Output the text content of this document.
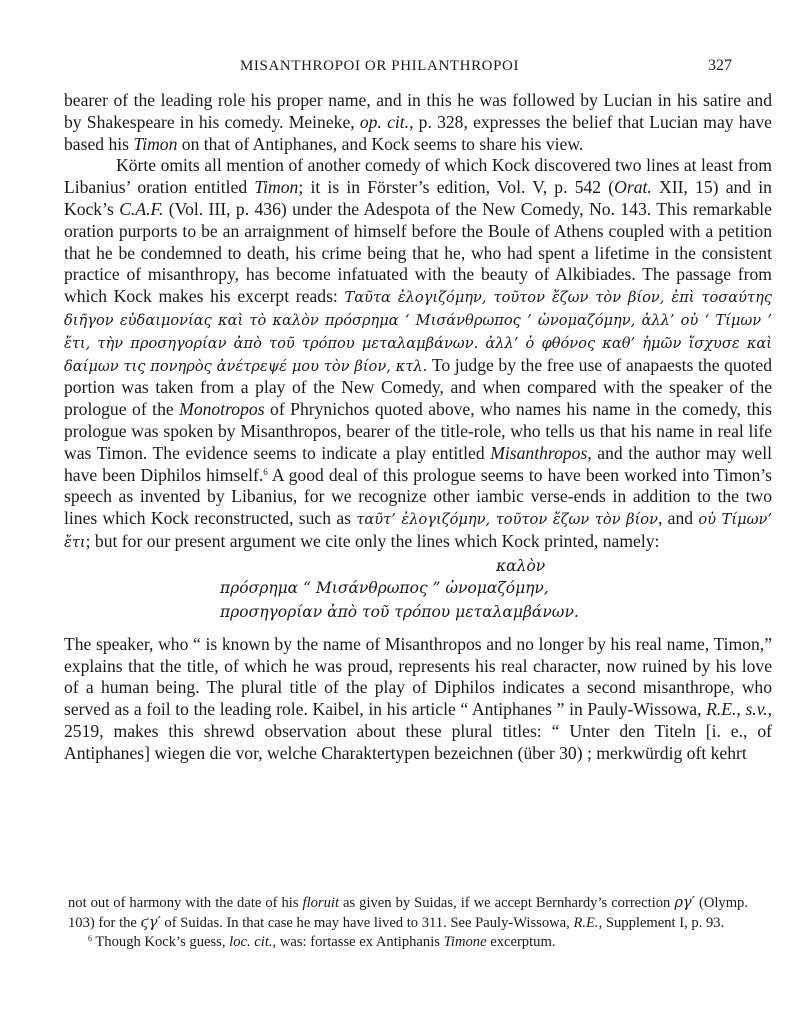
MISANTHROPOI OR PHILANTHROPOI	327

bearer of the leading role his proper name, and in this he was followed by Lucian in his satire and by Shakespeare in his comedy. Meineke, op. cit., p. 328, expresses the belief that Lucian may have based his Timon on that of Antiphanes, and Kock seems to share his view.

Körte omits all mention of another comedy of which Kock discovered two lines at least from Libanius’ oration entitled Timon; it is in Förster’s edition, Vol. V, p. 542 (Orat. XII, 15) and in Kock’s C.A.F. (Vol. III, p. 436) under the Adespota of the New Comedy, No. 143. This remarkable oration purports to be an arraignment of himself before the Boule of Athens coupled with a petition that he be condemned to death, his crime being that he, who had spent a lifetime in the consistent practice of misanthropy, has become infatuated with the beauty of Alkibiades. The passage from which Kock makes his excerpt reads: Ταῦτα ἐλογιζόμην, τοῦτον ἔζων τὸν βίον, ἐπὶ τοσαύτης διῆγον εὐδαιμονίας καὶ τὸ καλὸν πρόσρημα ‘ Μισάνθρωπος ’ ὠνομαζόμην, ἀλλ’ οὐ ‘ Τίμων ’ ἔτι, τὴν προσηγορίαν ἀπὸ τοῦ τρόπου μεταλαμβάνων. ἀλλ’ ὁ φθόνος καθ’ ἡμῶν ἴσχυσε καὶ δαίμων τις πονηρὸς ἀνέτρεψέ μου τὸν βίον, κτλ. To judge by the free use of anapaests the quoted portion was taken from a play of the New Comedy, and when compared with the speaker of the prologue of the Monotropos of Phrynichos quoted above, who names his name in the comedy, this prologue was spoken by Misanthropos, bearer of the title-role, who tells us that his name in real life was Timon. The evidence seems to indicate a play entitled Misanthropos, and the author may well have been Diphilos himself.$^6$ A good deal of this prologue seems to have been worked into Timon’s speech as invented by Libanius, for we recognize other iambic verse-ends in addition to the two lines which Kock reconstructed, such as ταῦτ’ ἐλογιζόμην, τοῦτον ἔζων τὸν βίον, and οὐ Τίμων’ ἔτι; but for our present argument we cite only the lines which Kock printed, namely:

καλὸν
πρόσρημα “ Μισάνθρωπος ” ὠνομαζόμην,
προσηγορίαν ἀπὸ τοῦ τρόπου μεταλαμβάνων.

The speaker, who “ is known by the name of Misanthropos and no longer by his real name, Timon,” explains that the title, of which he was proud, represents his real character, now ruined by his love of a human being. The plural title of the play of Diphilos indicates a second misanthrope, who served as a foil to the leading role. Kaibel, in his article “ Antiphanes ” in Pauly-Wissowa, R.E., s.v., 2519, makes this shrewd observation about these plural titles: “ Unter den Titeln [i. e., of Antiphanes] wiegen die vor, welche Charaktertypen bezeichnen (über 30) ; merkwürdig oft kehrt

not out of harmony with the date of his floruit as given by Suidas, if we accept Bernhardy’s correction ργ′ (Olymp. 103) for the ϛγ′ of Suidas. In that case he may have lived to 311. See Pauly-Wissowa, R.E., Supplement I, p. 93.

$^6$ Though Kock’s guess, loc. cit., was: fortasse ex Antiphanis Timone excerptum.
